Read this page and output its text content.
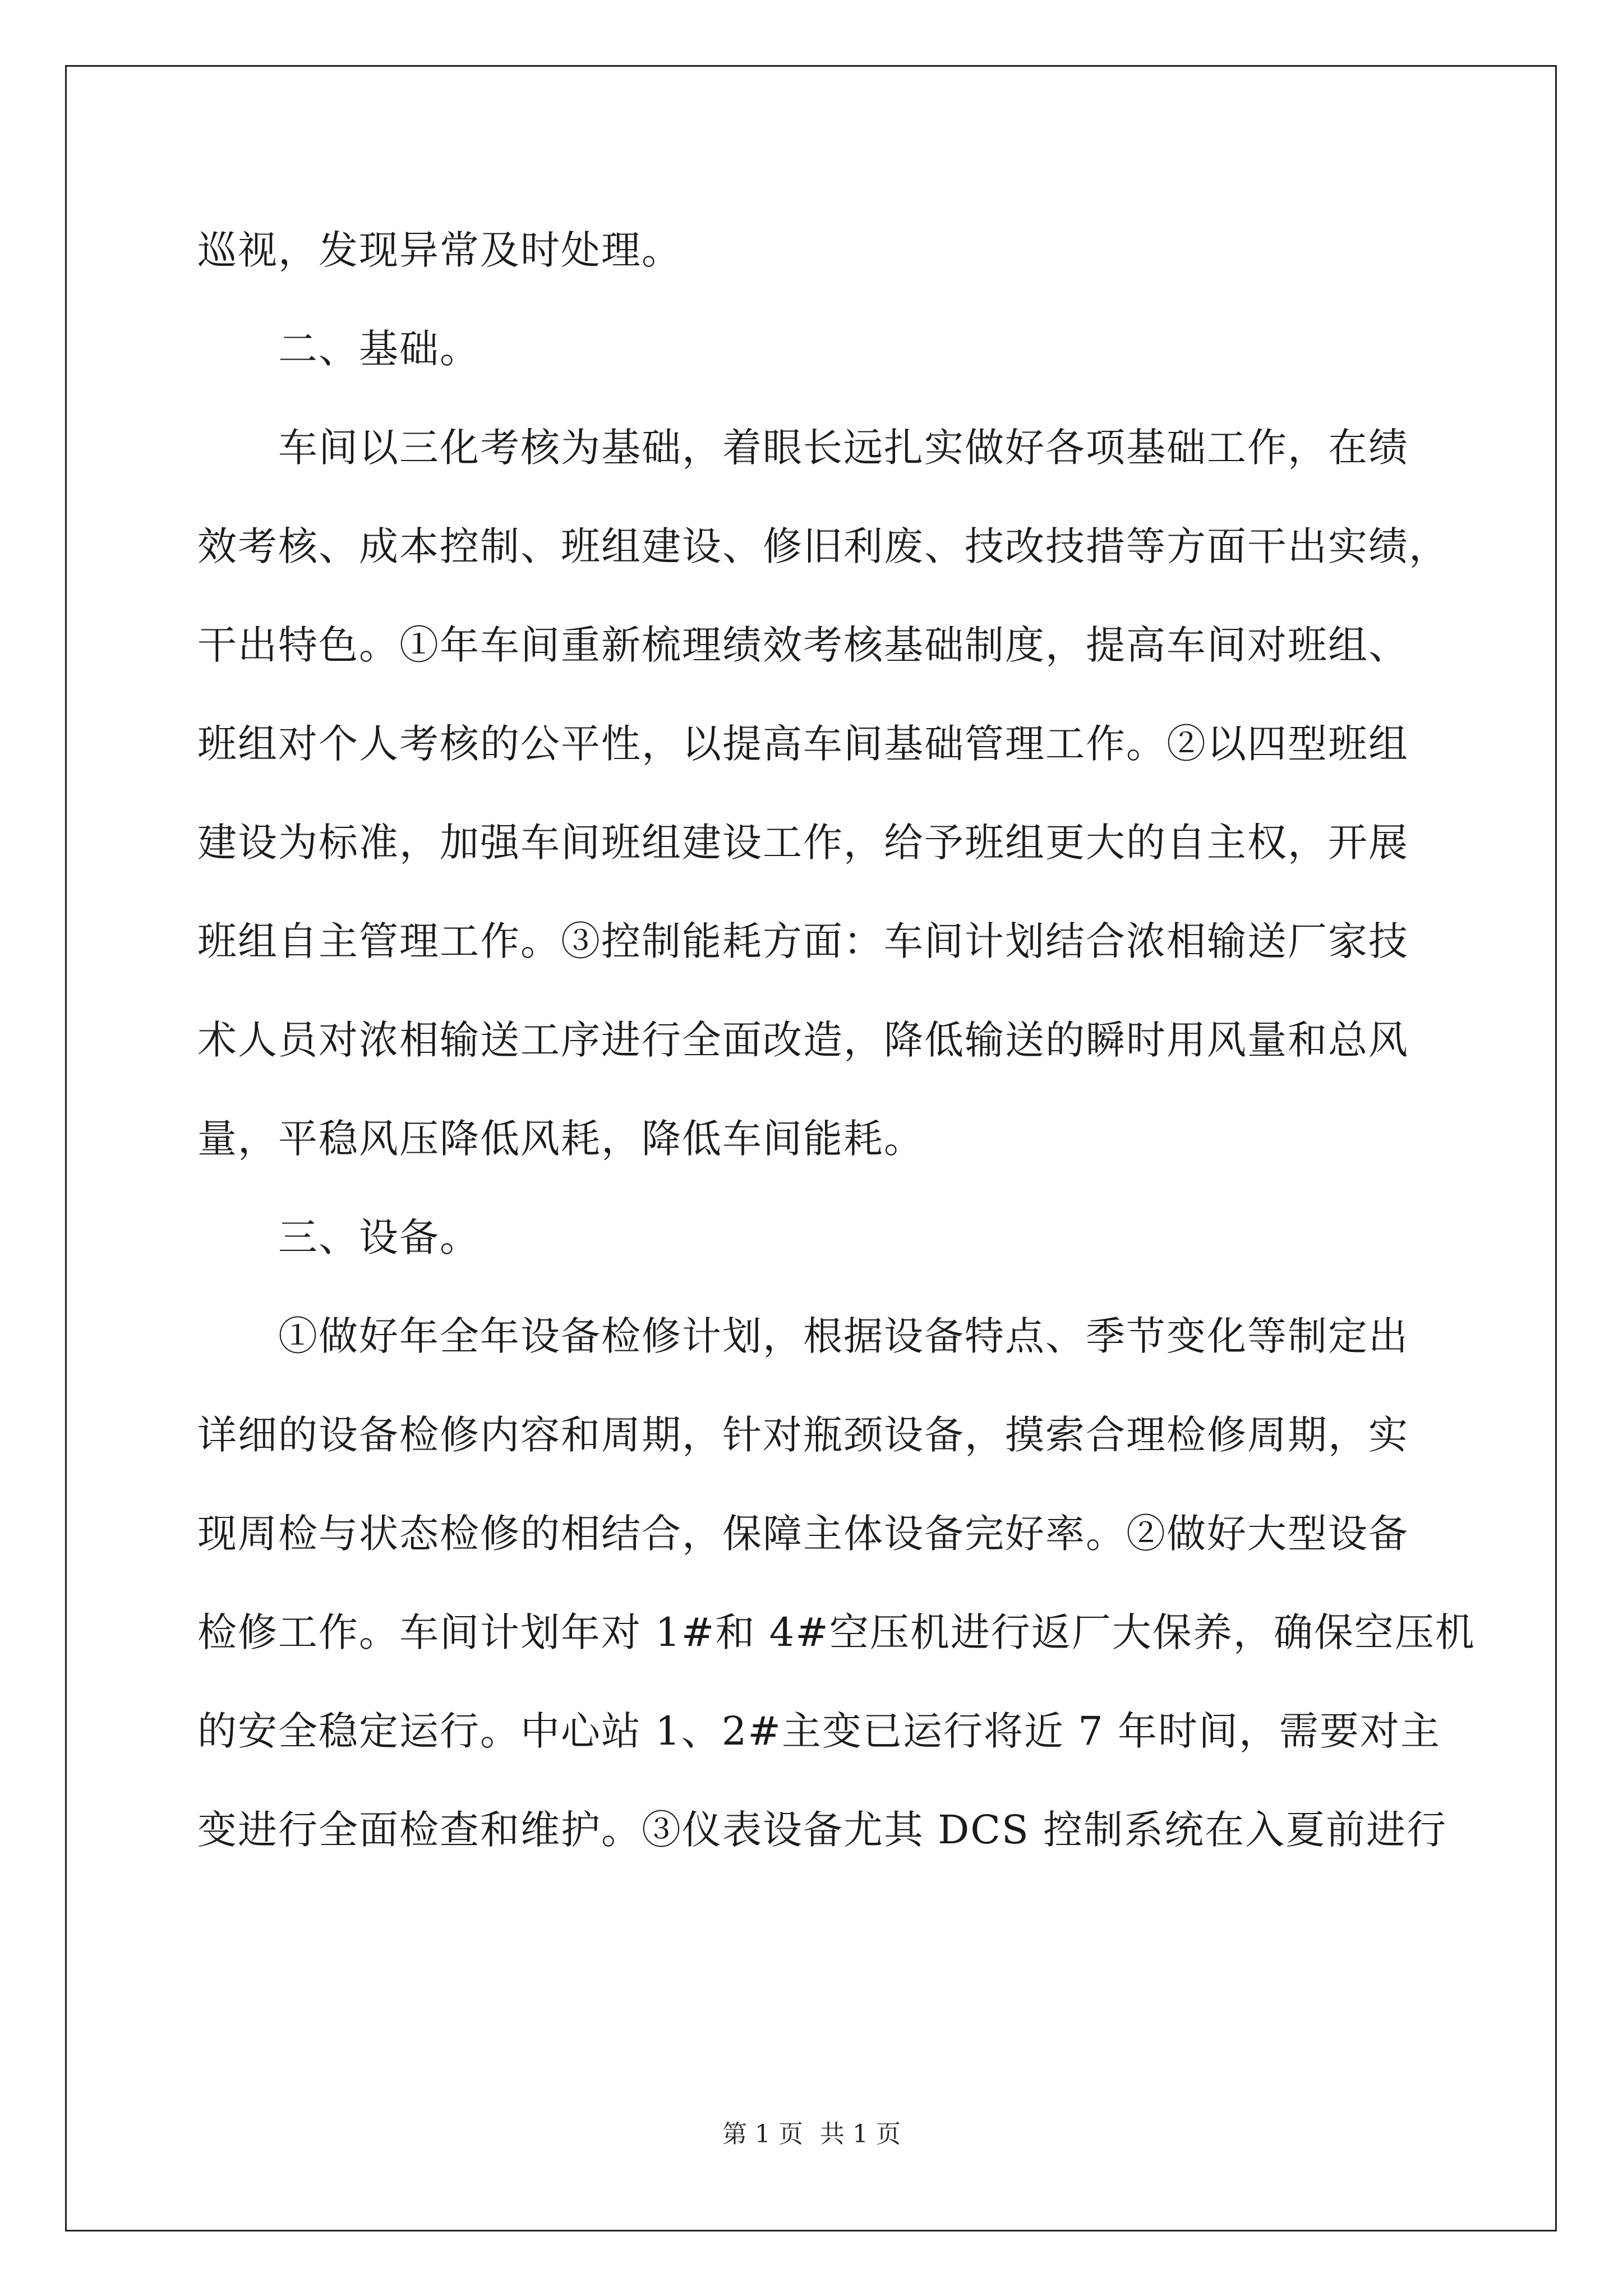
巡视，发现异常及时处理。
　　二、基础。
　　车间以三化考核为基础，着眼长远扎实做好各项基础工作，在绩
效考核、成本控制、班组建设、修旧利废、技改技措等方面干出实绩，
干出特色。①年车间重新梳理绩效考核基础制度，提高车间对班组、
班组对个人考核的公平性，以提高车间基础管理工作。②以四型班组
建设为标准，加强车间班组建设工作，给予班组更大的自主权，开展
班组自主管理工作。③控制能耗方面：车间计划结合浓相输送厂家技
术人员对浓相输送工序进行全面改造，降低输送的瞬时用风量和总风
量，平稳风压降低风耗，降低车间能耗。
　　三、设备。
　　①做好年全年设备检修计划，根据设备特点、季节变化等制定出
详细的设备检修内容和周期，针对瓶颈设备，摸索合理检修周期，实
现周检与状态检修的相结合，保障主体设备完好率。②做好大型设备
检修工作。车间计划年对 1#和 4#空压机进行返厂大保养，确保空压机
的安全稳定运行。中心站 1、2#主变已运行将近 7 年时间，需要对主
变进行全面检查和维护。③仪表设备尤其 DCS 控制系统在入夏前进行
第 1 页 共 1 页
